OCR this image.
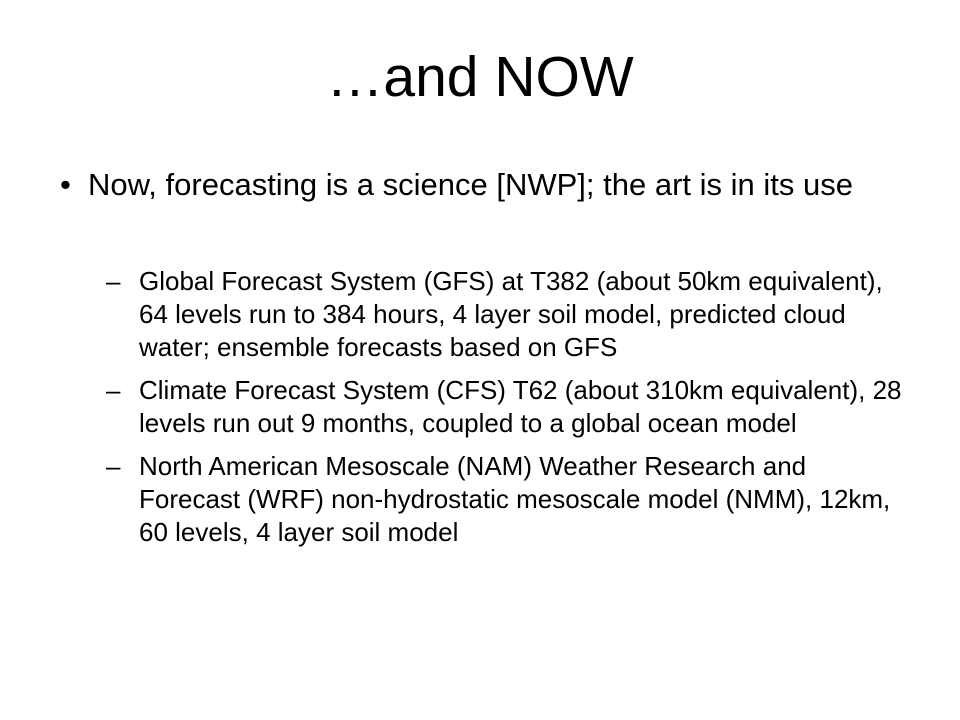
…and NOW
• Now, forecasting is a science [NWP]; the art is in its use
– Global Forecast System (GFS) at T382 (about 50km equivalent), 64 levels run to 384 hours, 4 layer soil model, predicted cloud water; ensemble forecasts based on GFS
– Climate Forecast System (CFS) T62 (about 310km equivalent), 28 levels run out 9 months, coupled to a global ocean model
– North American Mesoscale (NAM) Weather Research and Forecast (WRF) non-hydrostatic mesoscale model (NMM), 12km, 60 levels, 4 layer soil model
